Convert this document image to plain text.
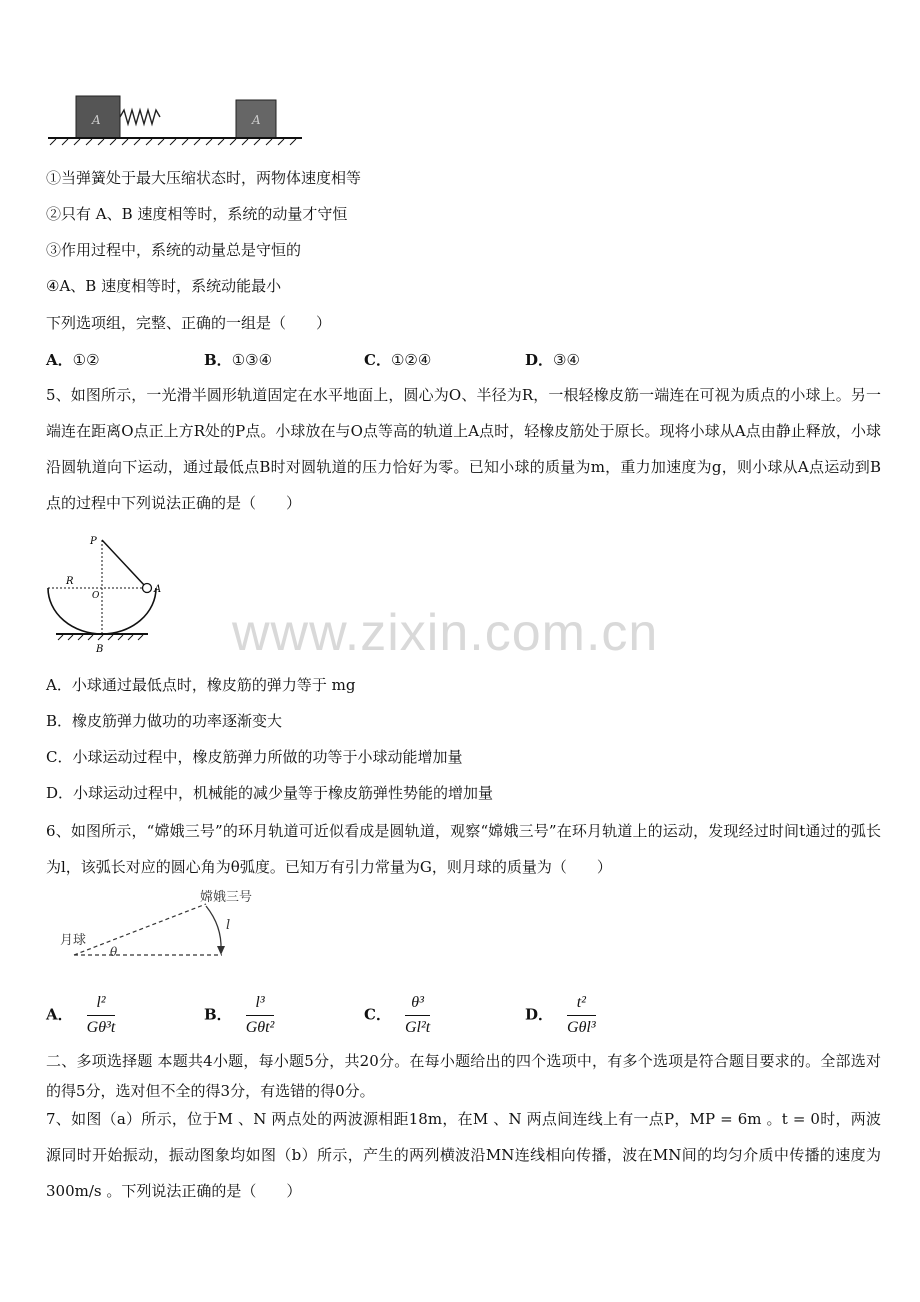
A	A
①当弹簧处于最大压缩状态时，两物体速度相等
②只有 A、B 速度相等时，系统的动量才守恒
③作用过程中，系统的动量总是守恒的
④A、B 速度相等时，系统动能最小
下列选项组，完整、正确的一组是（　　）
A．①②	B．①③④	C．①②④	D．③④
5、如图所示，一光滑半圆形轨道固定在水平地面上，圆心为O、半径为R，一根轻橡皮筋一端连在可视为质点的小球上。另一端连在距离O点正上方R处的P点。小球放在与O点等高的轨道上A点时，轻橡皮筋处于原长。现将小球从A点由静止释放，小球沿圆轨道向下运动，通过最低点B时对圆轨道的压力恰好为零。已知小球的质量为m，重力加速度为g，则小球从A点运动到B点的过程中下列说法正确的是（　　）
P
R
O
A
B www.zixin.com.cn
A．小球通过最低点时，橡皮筋的弹力等于 mg
B．橡皮筋弹力做功的功率逐渐变大
C．小球运动过程中，橡皮筋弹力所做的功等于小球动能增加量
D．小球运动过程中，机械能的减少量等于橡皮筋弹性势能的增加量
6、如图所示，“嫦娥三号”的环月轨道可近似看成是圆轨道，观察“嫦娥三号”在环月轨道上的运动，发现经过时间t通过的弧长为l，该弧长对应的圆心角为θ弧度。已知万有引力常量为G，则月球的质量为（　　）
嫦娥三号
月球
l
θ
A． $\frac{\text{l²}}{\text{Gθ³t}}$	B． $\frac{\text{l³}}{\text{Gθt²}}$	C． $\frac{\text{θ³}}{\text{Gl²t}}$	D． $\frac{\text{t²}}{\text{Gθl³}}$
二、多项选择题 本题共4小题，每小题5分，共20分。在每小题给出的四个选项中，有多个选项是符合题目要求的。全部选对的得5分，选对但不全的得3分，有选错的得0分。
7、如图（a）所示，位于M 、N 两点处的两波源相距18m，在M 、N 两点间连线上有一点P，MP = 6m 。t = 0时，两波源同时开始振动，振动图象均如图（b）所示，产生的两列横波沿MN连线相向传播，波在MN间的均匀介质中传播的速度为300m/s 。下列说法正确的是（　　）
